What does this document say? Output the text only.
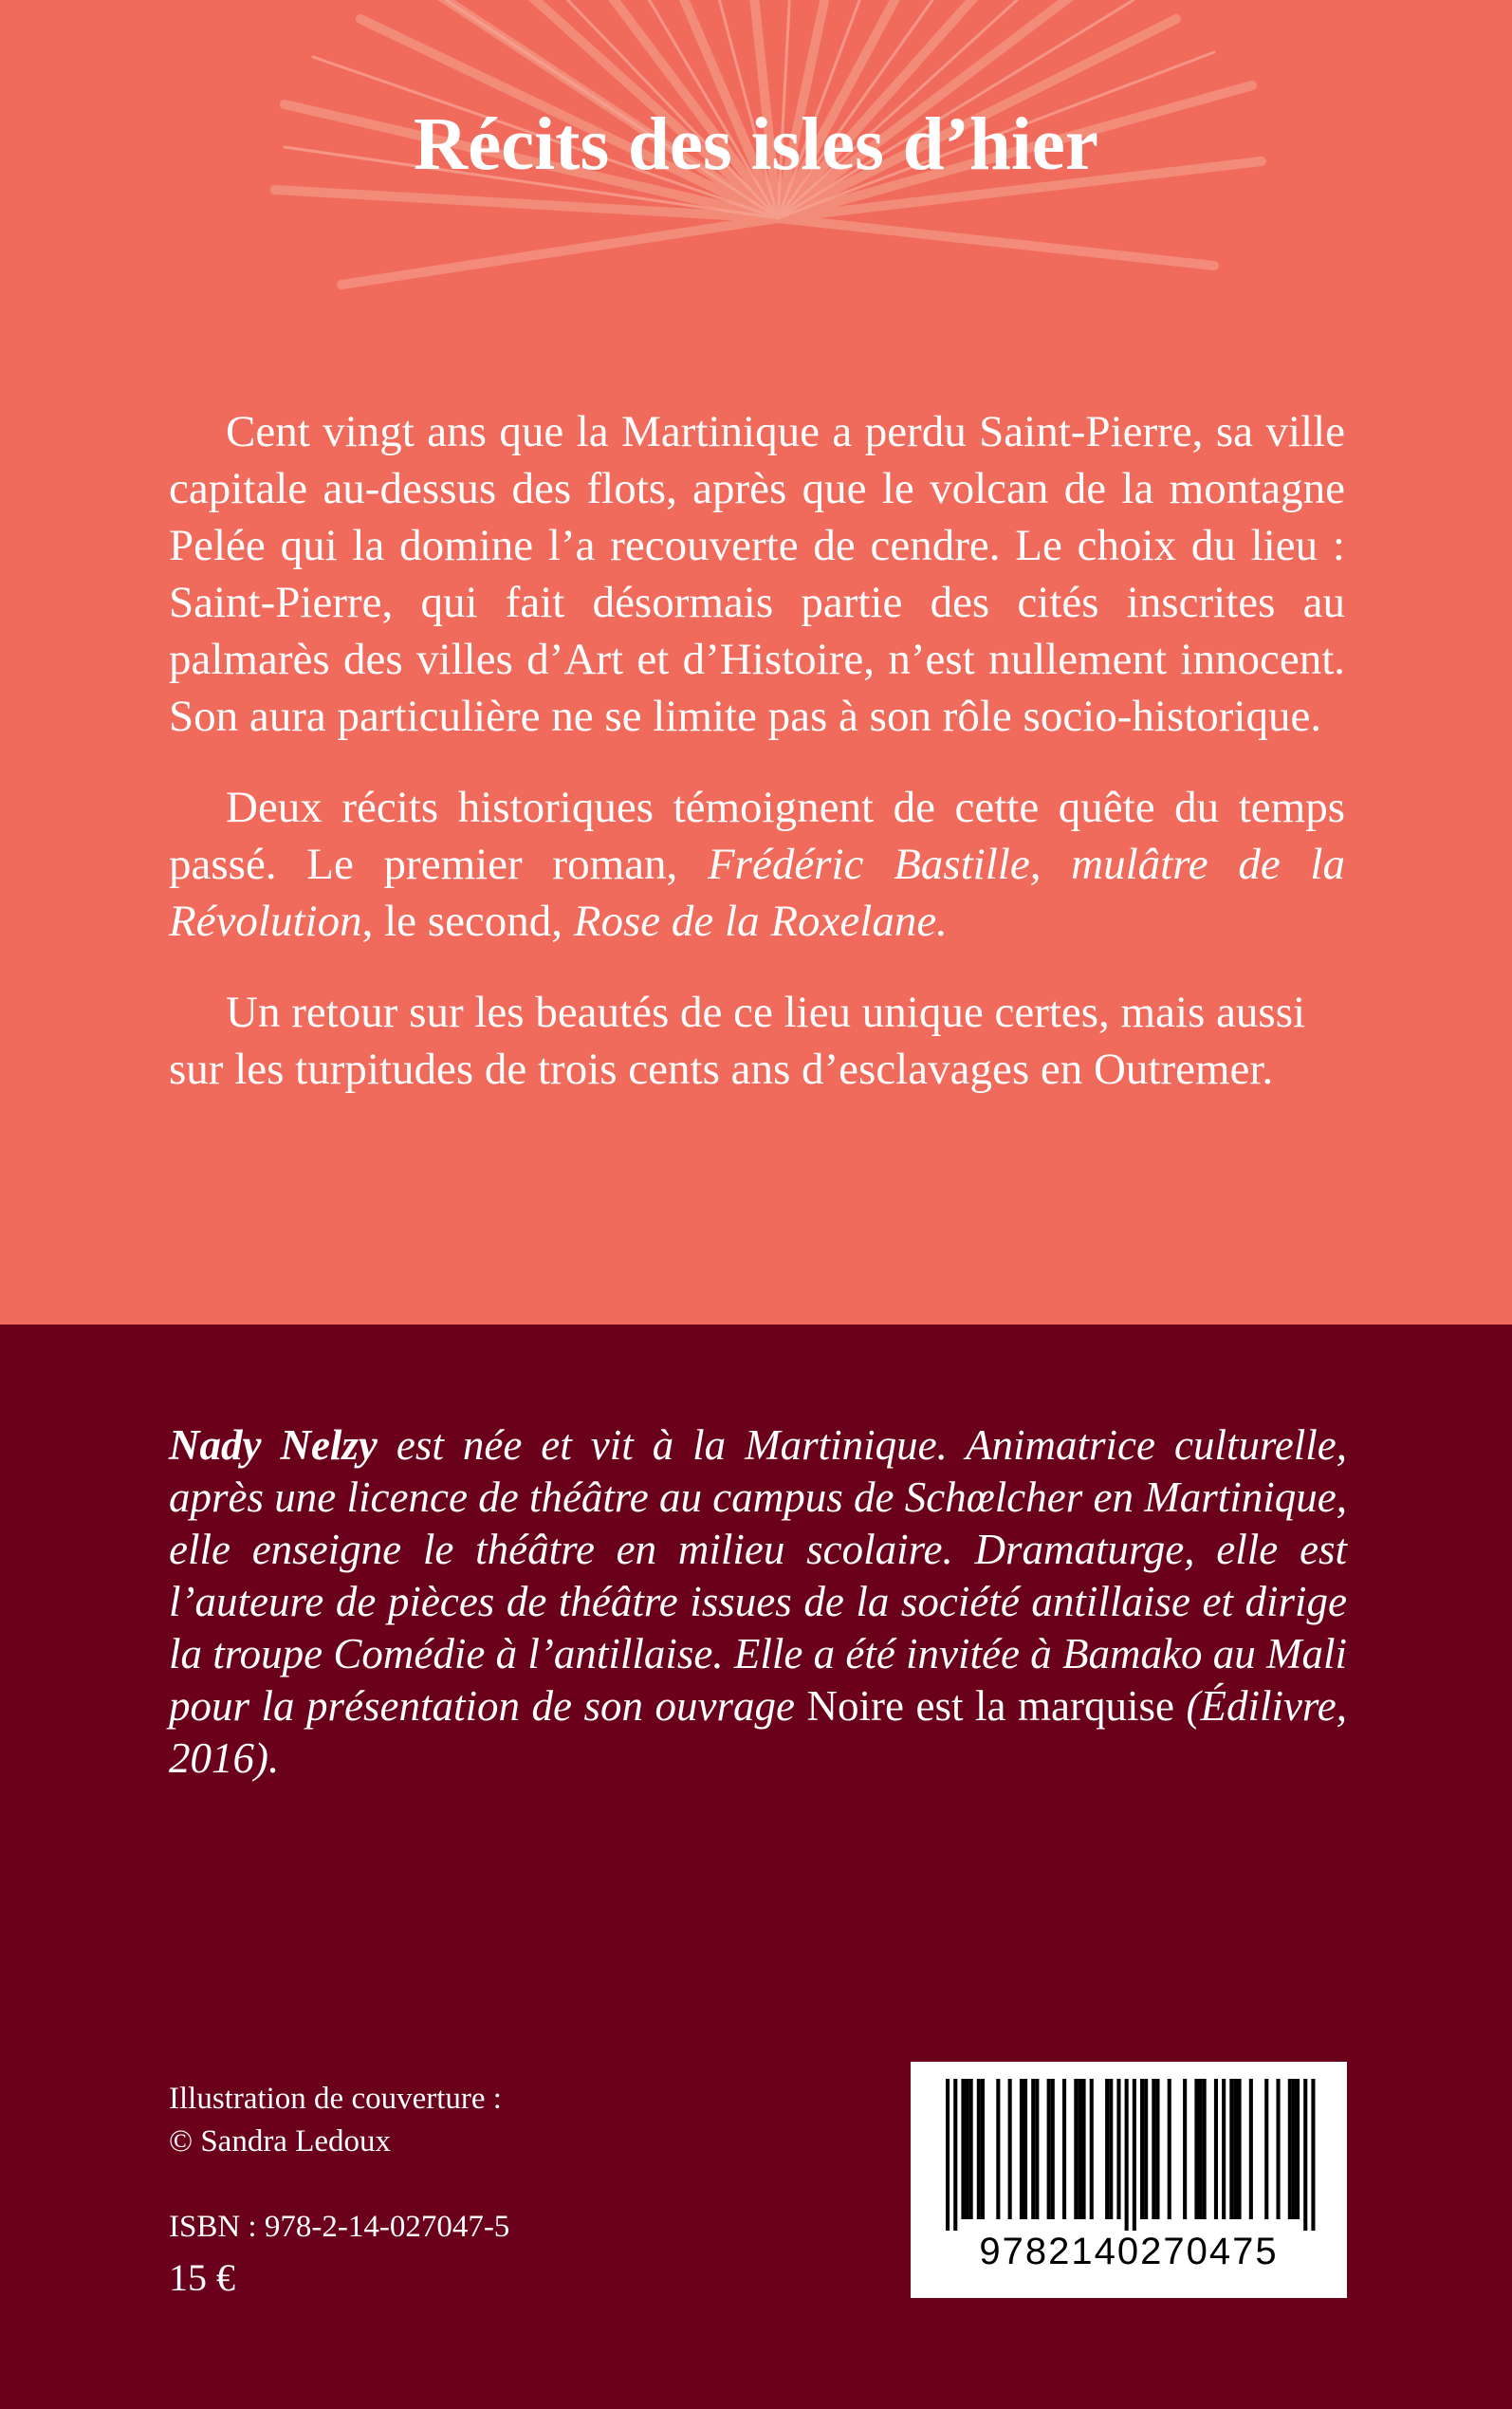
Récits des isles d’hier

Cent vingt ans que la Martinique a perdu Saint-Pierre, sa ville capitale au-dessus des flots, après que le volcan de la montagne Pelée qui la domine l’a recouverte de cendre. Le choix du lieu : Saint-Pierre, qui fait désormais partie des cités inscrites au palmarès des villes d’Art et d’Histoire, n’est nullement innocent. Son aura particulière ne se limite pas à son rôle socio-historique.

Deux récits historiques témoignent de cette quête du temps passé. Le premier roman, Frédéric Bastille, mulâtre de la Révolution, le second, Rose de la Roxelane.

Un retour sur les beautés de ce lieu unique certes, mais aussi sur les turpitudes de trois cents ans d’esclavages en Outremer.

Nady Nelzy est née et vit à la Martinique. Animatrice culturelle, après une licence de théâtre au campus de Schœlcher en Martinique, elle enseigne le théâtre en milieu scolaire. Dramaturge, elle est l’auteure de pièces de théâtre issues de la société antillaise et dirige la troupe Comédie à l’antillaise. Elle a été invitée à Bamako au Mali pour la présentation de son ouvrage Noire est la marquise (Édilivre, 2016).

Illustration de couverture :
© Sandra Ledoux
ISBN : 978-2-14-027047-5
15 €
9782140270475
